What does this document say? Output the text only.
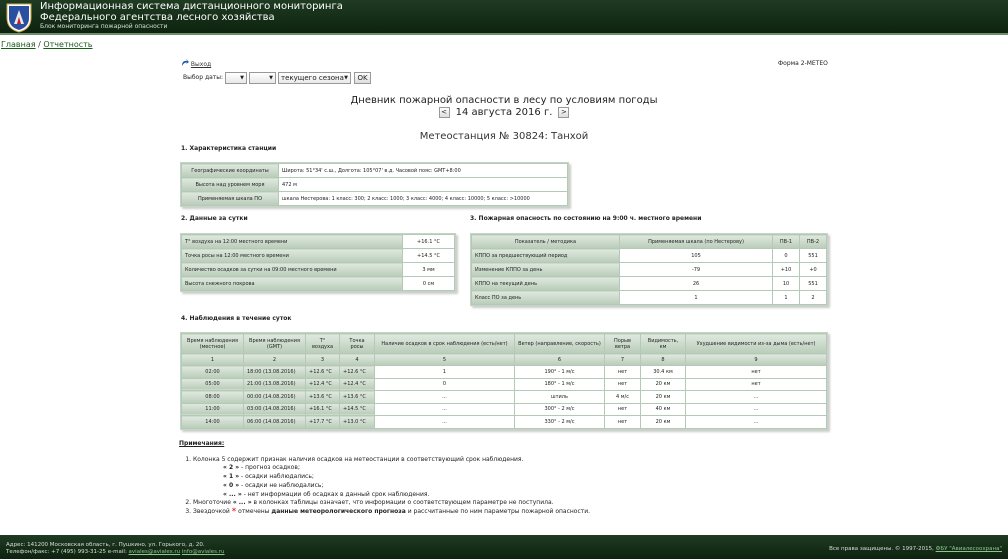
Информационная система дистанционного мониторинга
Федерального агентства лесного хозяйства
Блок мониторинга пожарной опасности
Главная / Отчетность
Выход	Форма 2-МЕТЕО
Выбор даты:	▼	▼	текущего сезона ▼	OK
Дневник пожарной опасности в лесу по условиям погоды
< 14 августа 2016 г. >
Метеостанция № 30824: Танхой
1. Характеристика станции
Географические координаты	Широта: 51°34' с.ш., Долгота: 105°07' в.д. Часовой пояс: GMT+8:00
Высота над уровнем моря	472 м
Применяемая шкала ПО	шкала Нестерова: 1 класс: 300; 2 класс: 1000; 3 класс: 4000; 4 класс: 10000; 5 класс: >10000
2. Данные за сутки
T° воздуха на 12:00 местного времени	+16.1 °C
Точка росы на 12:00 местного времени	+14.5 °C
Количество осадков за сутки на 09:00 местного времени	3 мм
Высота снежного покрова	0 см
3. Пожарная опасность по состоянию на 9:00 ч. местного времени
Показатель / методика	Применяемая шкала (по Нестерову)	ПВ-1	ПВ-2
КППО за предшествующий период	105	0	551
Изменение КППО за день	-79	+10	+0
КППО на текущий день	26	10	551
Класс ПО за день	1	1	2
4. Наблюдения в течение суток
Время наблюдения (местное)	Время наблюдения (GMT)	T° воздуха	Точка росы	Наличие осадков в срок наблюдения (есть/нет)	Ветер (направление, скорость)	Порыв ветра	Видимость, км	Ухудшение видимости из-за дыма (есть/нет)
1	2	3	4	5	6	7	8	9
02:00	18:00 (13.08.2016)	+12.6 °C	+12.6 °C	1	190° - 1 м/с	нет	30.4 км	нет
05:00	21:00 (13.08.2016)	+12.4 °C	+12.4 °C	0	180° - 1 м/с	нет	20 км	нет
08:00	00:00 (14.08.2016)	+13.6 °C	+13.6 °C	...	штиль	4 м/с	20 км	...
11:00	03:00 (14.08.2016)	+16.1 °C	+14.5 °C	...	300° - 2 м/с	нет	40 км	...
14:00	06:00 (14.08.2016)	+17.7 °C	+13.0 °C	...	330° - 2 м/с	нет	20 км	...
Примечания:
1. Колонка 5 содержит признак наличия осадков на метеостанции в соответствующий срок наблюдения.
« 2 » - прогноз осадков;
« 1 » - осадки наблюдались;
« 0 » - осадки не наблюдались;
« ... » - нет информации об осадках в данный срок наблюдения.
2. Многоточие « ... » в колонках таблицы означает, что информации о соответствующем параметре не поступила.
3. Звездочкой * отмечены данные метеорологического прогноза и рассчитанные по ним параметры пожарной опасности.
Адрес: 141200 Московская область, г. Пушкино, ул. Горького, д. 20.
Телефон/факс: +7 (495) 993-31-25 e-mail: aviales@aviales.ru info@aviales.ru	Все права защищены. © 1997-2015, ФБУ "Авиалесоохрана"
